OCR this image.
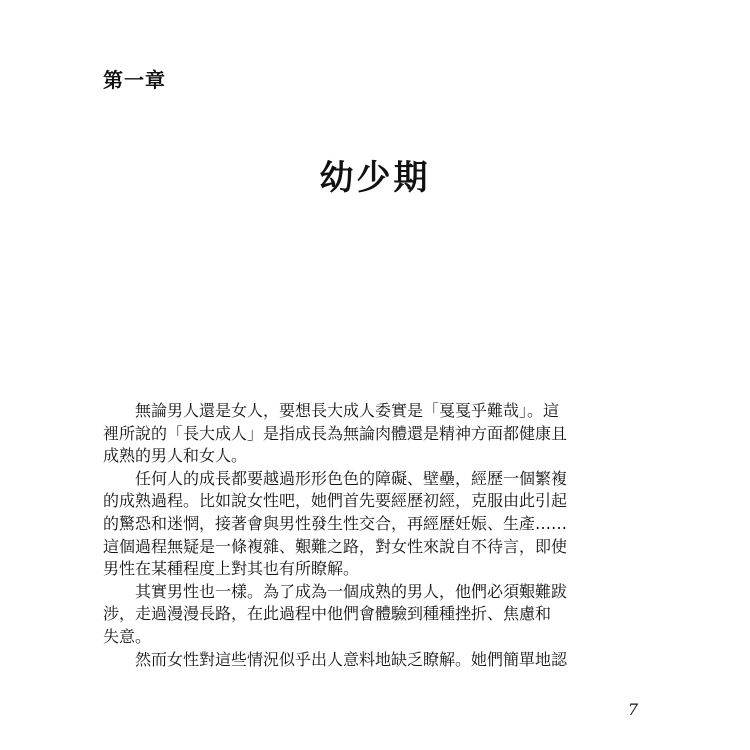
第一章
幼少期
無論男人還是女人，要想長大成人委實是「戛戛乎難哉」。這
裡所說的「長大成人」是指成長為無論肉體還是精神方面都健康且
成熟的男人和女人。
任何人的成長都要越過形形色色的障礙、壁壘，經歷一個繁複
的成熟過程。比如說女性吧，她們首先要經歷初經，克服由此引起
的驚恐和迷惘，接著會與男性發生性交合，再經歷妊娠、生產……
這個過程無疑是一條複雜、艱難之路，對女性來說自不待言，即使
男性在某種程度上對其也有所瞭解。
其實男性也一樣。為了成為一個成熟的男人，他們必須艱難跋
涉，走過漫漫長路，在此過程中他們會體驗到種種挫折、焦慮和
失意。
然而女性對這些情況似乎出人意料地缺乏瞭解。她們簡單地認
7
